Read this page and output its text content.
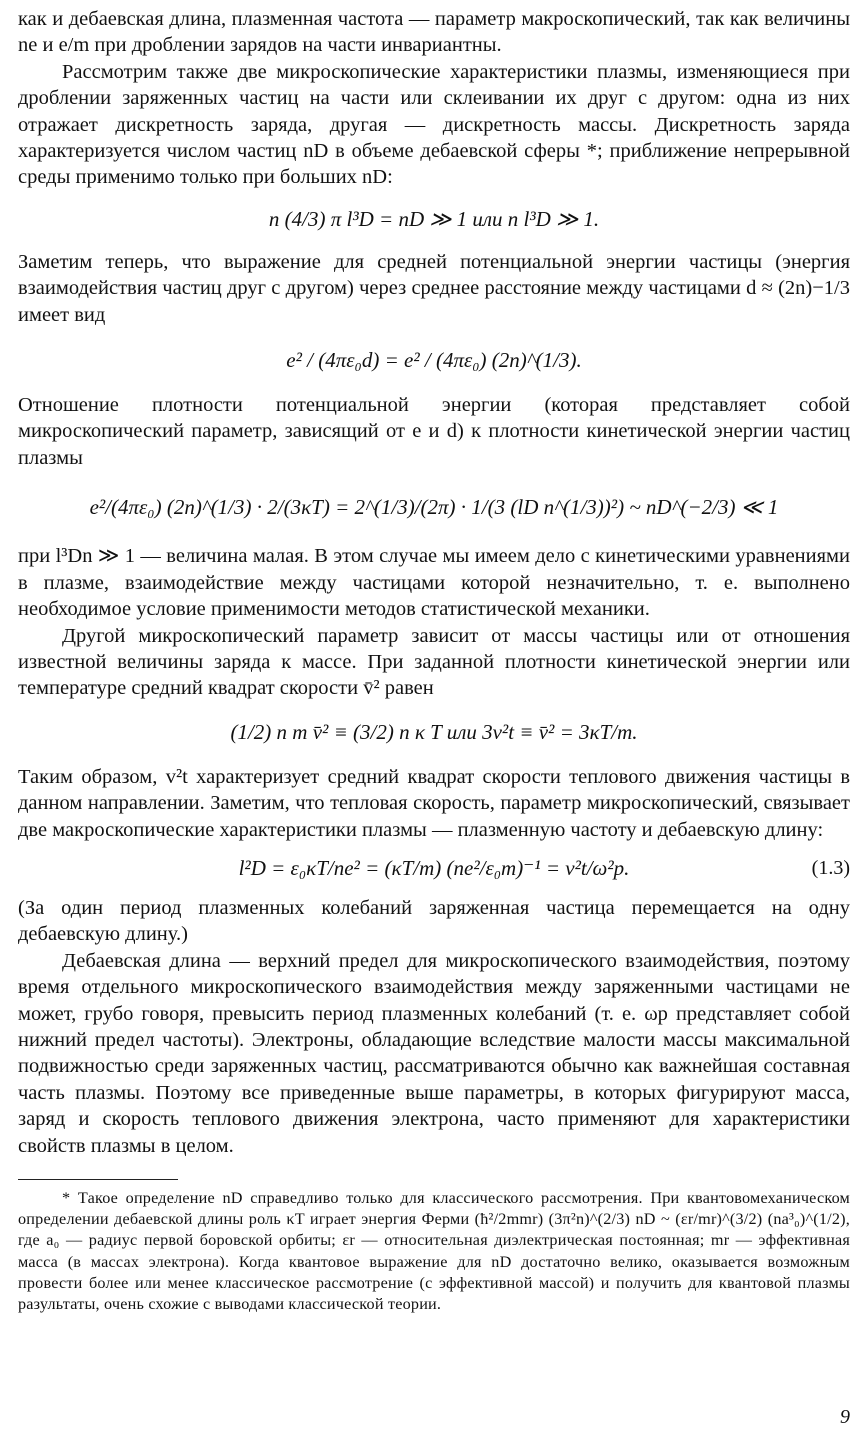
как и дебаевская длина, плазменная частота — параметр макроскопический, так как величины ne и e/m при дроблении зарядов на части инвариантны.

Рассмотрим также две микроскопические характеристики плазмы, изменяющиеся при дроблении заряженных частиц на части или склеивании их друг с другом: одна из них отражает дискретность заряда, другая — дискретность массы. Дискретность заряда характеризуется числом частиц nD в объеме дебаевской сферы *; приближение непрерывной среды применимо только при больших nD:

n (4/3) π l³D = nD ≫ 1 или n l³D ≫ 1.

Заметим теперь, что выражение для средней потенциальной энергии частицы (энергия взаимодействия частиц друг с другом) через среднее расстояние между частицами d ≈ (2n)−1/3 имеет вид

e² / (4πε₀d) = e² / (4πε₀) (2n)^(1/3).

Отношение плотности потенциальной энергии (которая представляет собой микроскопический параметр, зависящий от e и d) к плотности кинетической энергии частиц плазмы

e²/(4πε₀) (2n)^(1/3) · 2/(3κT) = 2^(1/3)/(2π) · 1/(3 (lD n^(1/3))²) ~ nD^(−2/3) ≪ 1

при l³Dn ≫ 1 — величина малая. В этом случае мы имеем дело с кинетическими уравнениями в плазме, взаимодействие между частицами которой незначительно, т. е. выполнено необходимое условие применимости методов статистической механики.

Другой микроскопический параметр зависит от массы частицы или от отношения известной величины заряда к массе. При заданной плотности кинетической энергии или температуре средний квадрат скорости v̄² равен

(1/2) n m v̄² ≡ (3/2) n κ T или 3v²t ≡ v̄² = 3κT/m.

Таким образом, v²t характеризует средний квадрат скорости теплового движения частицы в данном направлении. Заметим, что тепловая скорость, параметр микроскопический, связывает две макроскопические характеристики плазмы — плазменную частоту и дебаевскую длину:

l²D = ε₀κT/ne² = (κT/m) (ne²/ε₀m)⁻¹ = v²t/ω²p.	(1.3)

(За один период плазменных колебаний заряженная частица перемещается на одну дебаевскую длину.)

Дебаевская длина — верхний предел для микроскопического взаимодействия, поэтому время отдельного микроскопического взаимодействия между заряженными частицами не может, грубо говоря, превысить период плазменных колебаний (т. е. ωp представляет собой нижний предел частоты). Электроны, обладающие вследствие малости массы максимальной подвижностью среди заряженных частиц, рассматриваются обычно как важнейшая составная часть плазмы. Поэтому все приведенные выше параметры, в которых фигурируют масса, заряд и скорость теплового движения электрона, часто применяют для характеристики свойств плазмы в целом.

* Такое определение nD справедливо только для классического рассмотрения. При квантовомеханическом определении дебаевской длины роль κT играет энергия Ферми (ħ²/2mmr) (3π²n)^(2/3) nD ~ (εr/mr)^(3/2) (na³₀)^(1/2), где a₀ — радиус первой боровской орбиты; εr — относительная диэлектрическая постоянная; mr — эффективная масса (в массах электрона). Когда квантовое выражение для nD достаточно велико, оказывается возможным провести более или менее классическое рассмотрение (с эффективной массой) и получить для квантовой плазмы разультаты, очень схожие с выводами классической теории.

9
